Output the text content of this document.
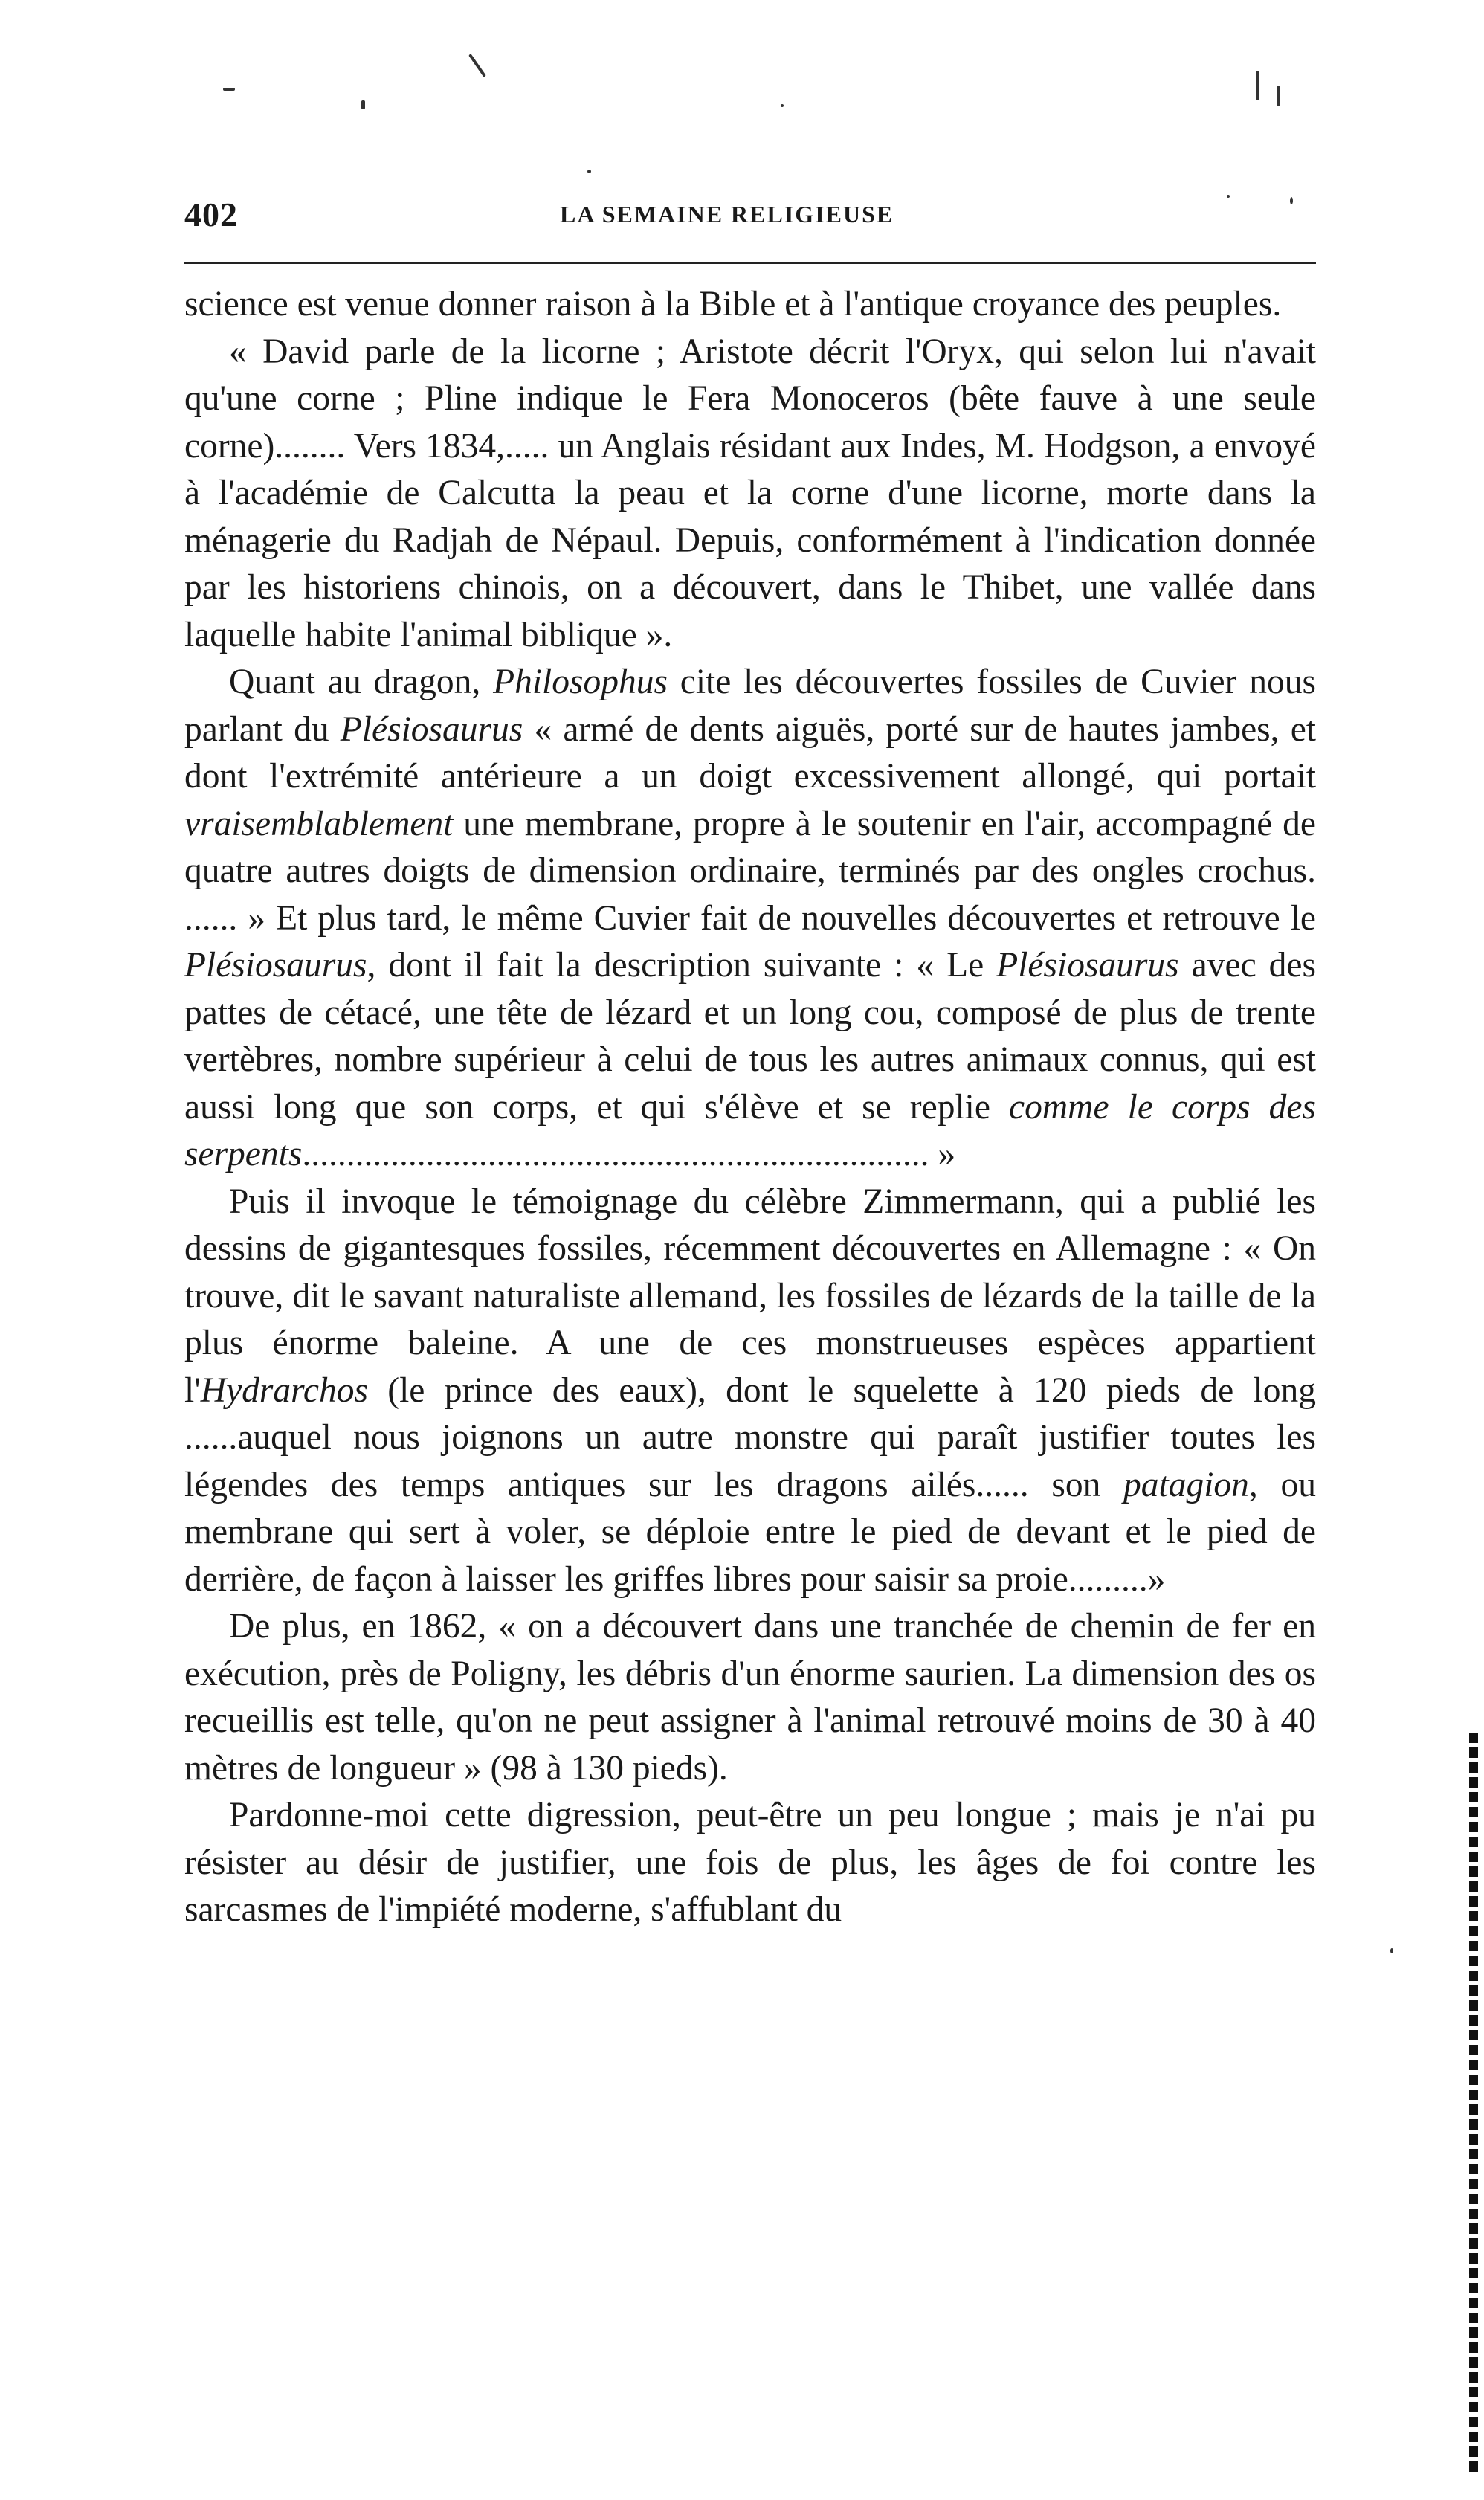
402	LA SEMAINE RELIGIEUSE

science est venue donner raison à la Bible et à l'antique croyance des peuples.

« David parle de la licorne ; Aristote décrit l'Oryx, qui selon lui n'avait qu'une corne ; Pline indique le Fera Monoceros (bête fauve à une seule corne)........ Vers 1834,..... un Anglais résidant aux Indes, M. Hodgson, a envoyé à l'académie de Calcutta la peau et la corne d'une licorne, morte dans la ménagerie du Radjah de Népaul. Depuis, conformément à l'indication donnée par les historiens chinois, on a découvert, dans le Thibet, une vallée dans laquelle habite l'animal biblique ».

Quant au dragon, Philosophus cite les découvertes fossiles de Cuvier nous parlant du Plésiosaurus « armé de dents aiguës, porté sur de hautes jambes, et dont l'extrémité antérieure a un doigt excessivement allongé, qui portait vraisemblablement une membrane, propre à le soutenir en l'air, accompagné de quatre autres doigts de dimension ordinaire, terminés par des ongles crochus. ...... » Et plus tard, le même Cuvier fait de nouvelles découvertes et retrouve le Plésiosaurus, dont il fait la description suivante : « Le Plésiosaurus avec des pattes de cétacé, une tête de lézard et un long cou, composé de plus de trente vertèbres, nombre supérieur à celui de tous les autres animaux connus, qui est aussi long que son corps, et qui s'élève et se replie comme le corps des serpents....................................................................... »

Puis il invoque le témoignage du célèbre Zimmermann, qui a publié les dessins de gigantesques fossiles, récemment découvertes en Allemagne : « On trouve, dit le savant naturaliste allemand, les fossiles de lézards de la taille de la plus énorme baleine. A une de ces monstrueuses espèces appartient l'Hydrarchos (le prince des eaux), dont le squelette à 120 pieds de long ......auquel nous joignons un autre monstre qui paraît justifier toutes les légendes des temps antiques sur les dragons ailés...... son patagion, ou membrane qui sert à voler, se déploie entre le pied de devant et le pied de derrière, de façon à laisser les griffes libres pour saisir sa proie.........»

De plus, en 1862, « on a découvert dans une tranchée de chemin de fer en exécution, près de Poligny, les débris d'un énorme saurien. La dimension des os recueillis est telle, qu'on ne peut assigner à l'animal retrouvé moins de 30 à 40 mètres de longueur » (98 à 130 pieds).

Pardonne-moi cette digression, peut-être un peu longue ; mais je n'ai pu résister au désir de justifier, une fois de plus, les âges de foi contre les sarcasmes de l'impiété moderne, s'affublant du
